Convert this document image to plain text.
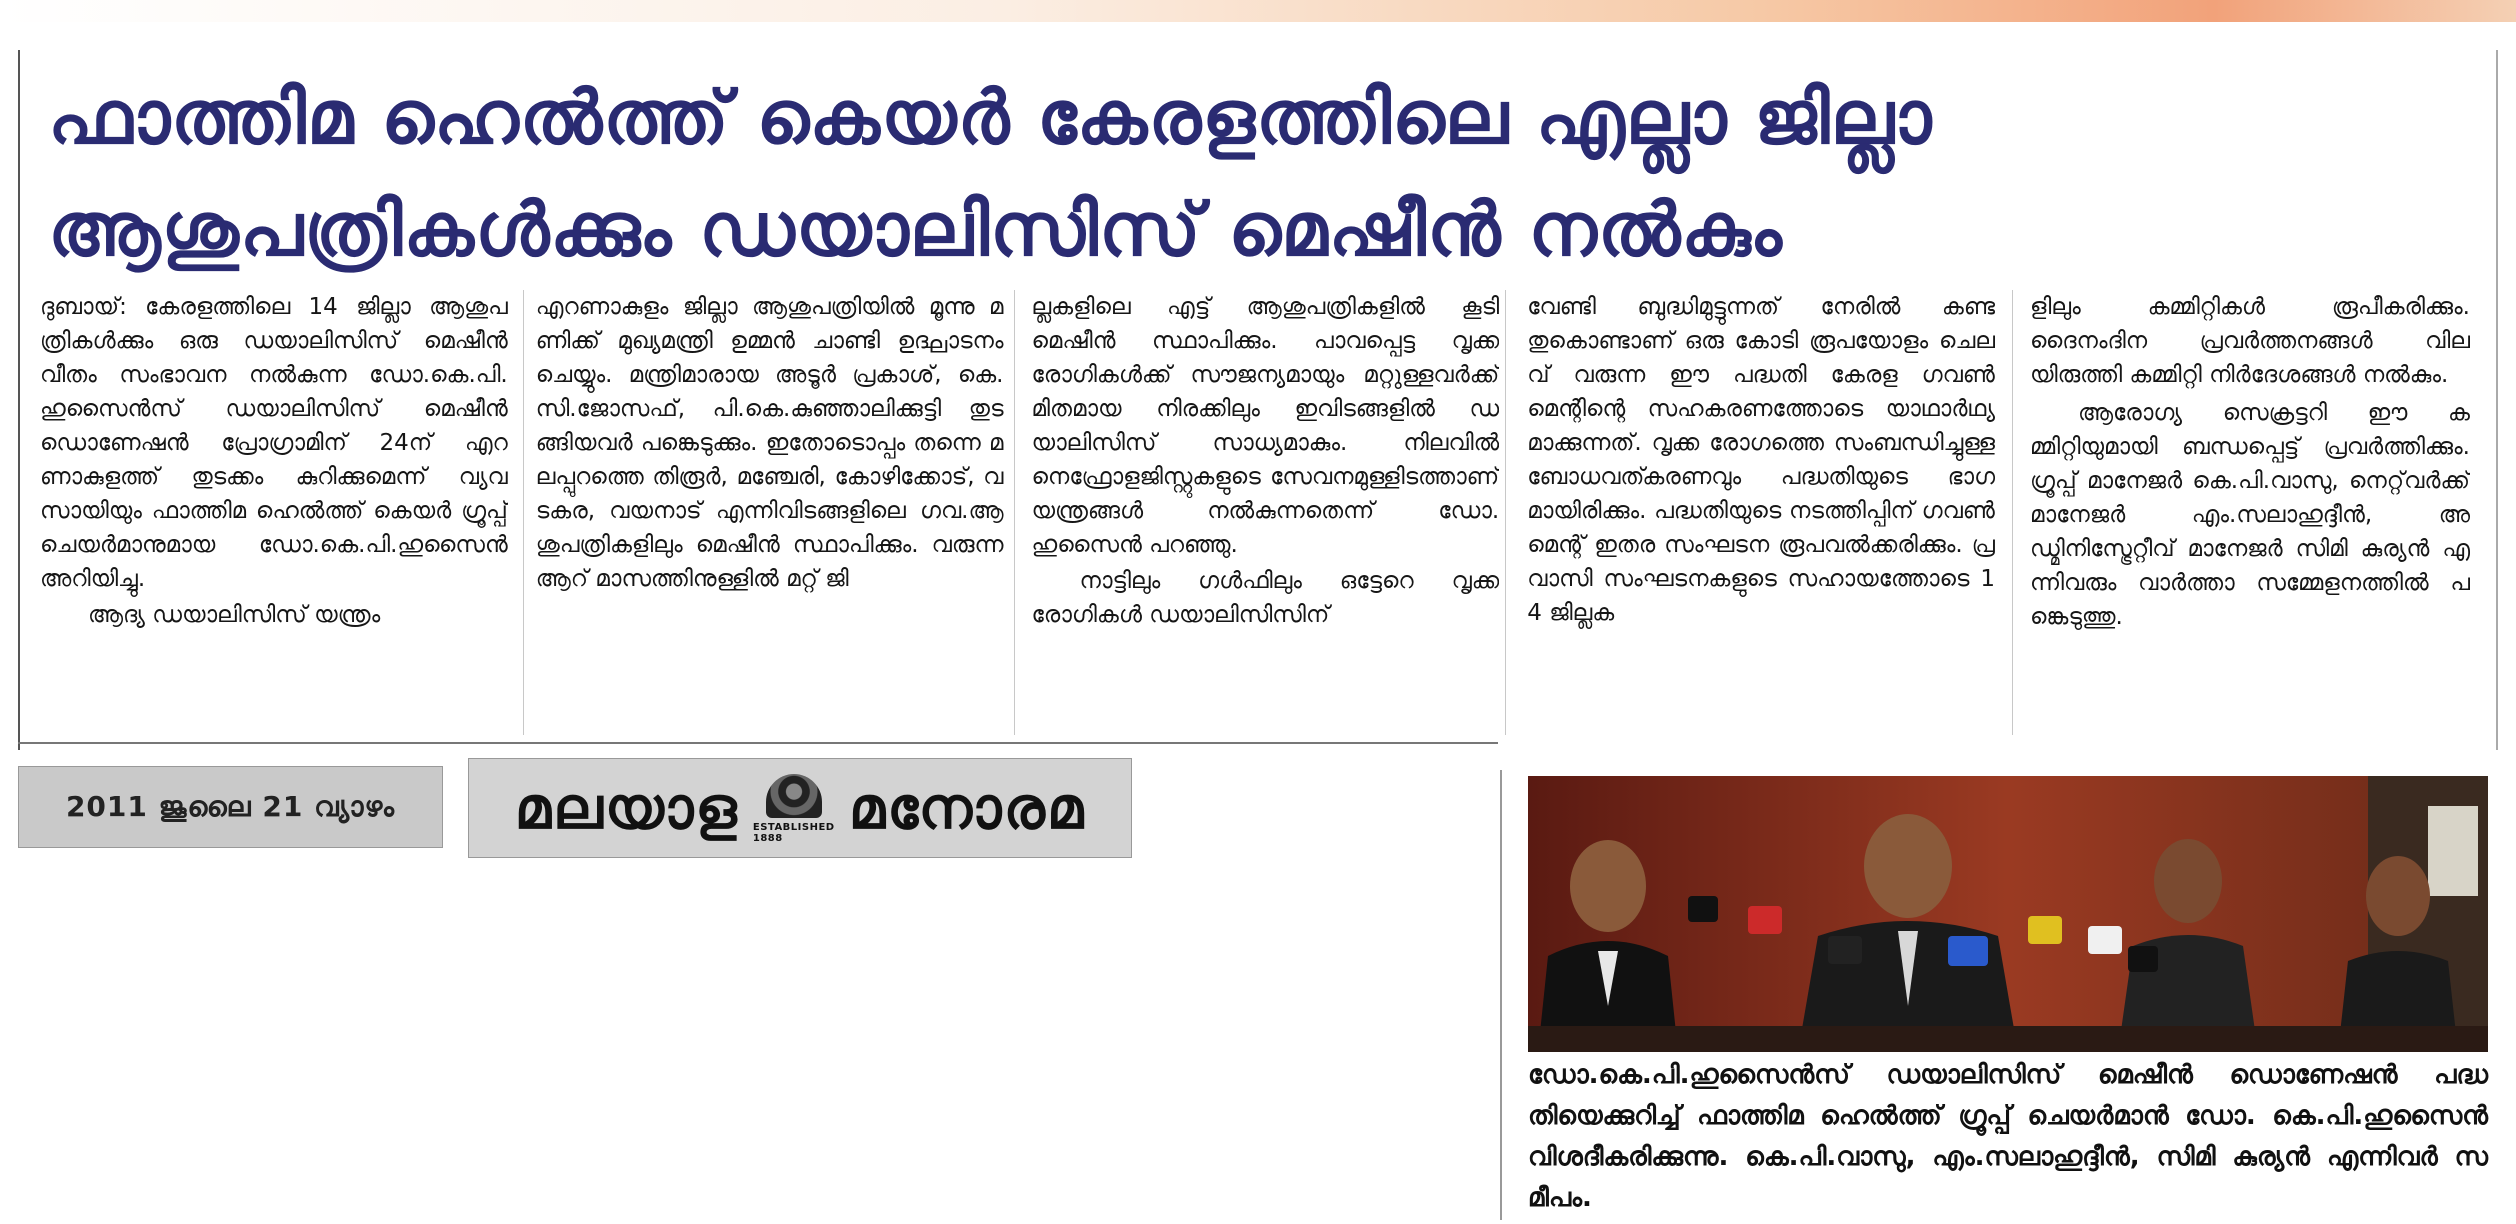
ഫാത്തിമ ഹെൽത്ത് കെയർ കേരളത്തിലെ എല്ലാ ജില്ലാ
ആശുപത്രികൾക്കും ഡയാലിസിസ് മെഷീൻ നൽകും

ദുബായ്: കേരളത്തിലെ 14 ജില്ലാ ആശുപത്രികൾക്കും ഒരു ഡയാലിസിസ് മെഷീൻ വീതം സംഭാവന നൽകുന്ന ഡോ.കെ.പി.ഹുസൈൻസ് ഡയാലിസിസ് മെഷീൻ ഡൊണേഷൻ പ്രോഗ്രാമിന് 24ന് എറണാകുളത്ത് തുടക്കം കുറിക്കുമെന്ന് വ്യവസായിയും ഫാത്തിമ ഹെൽത്ത് കെയർ ഗ്രൂപ്പ് ചെയർമാനുമായ ഡോ.കെ.പി.ഹുസൈൻ അറിയിച്ചു.

ആദ്യ ഡയാലിസിസ് യന്ത്രം

എറണാകുളം ജില്ലാ ആശുപത്രിയിൽ മൂന്നു മണിക്ക് മുഖ്യമന്ത്രി ഉമ്മൻ ചാണ്ടി ഉദ്ഘാടനം ചെയ്യും. മന്ത്രിമാരായ അടൂർ പ്രകാശ്, കെ.സി.ജോസഫ്, പി.കെ.കുഞ്ഞാലിക്കുട്ടി തുടങ്ങിയവർ പങ്കെടുക്കും. ഇതോടൊപ്പം തന്നെ മലപ്പുറത്തെ തിരൂർ, മഞ്ചേരി, കോഴിക്കോട്, വടകര, വയനാട് എന്നിവിടങ്ങളിലെ ഗവ.ആശുപത്രികളിലും മെഷീൻ സ്ഥാപിക്കും. വരുന്ന ആറ് മാസത്തിനുള്ളിൽ മറ്റ് ജി

ല്ലകളിലെ എട്ട് ആശുപത്രികളിൽ കൂടി മെഷീൻ സ്ഥാപിക്കും. പാവപ്പെട്ട വൃക്ക രോഗികൾക്ക് സൗജന്യമായും മറ്റുള്ളവർക്ക് മിതമായ നിരക്കിലും ഇവിടങ്ങളിൽ ഡയാലിസിസ് സാധ്യമാകും. നിലവിൽ നെഫ്രോളജിസ്റ്റുകളുടെ സേവനമുള്ളിടത്താണ് യന്ത്രങ്ങൾ നൽകുന്നതെന്ന് ഡോ. ഹുസൈൻ പറഞ്ഞു.

നാട്ടിലും ഗൾഫിലും ഒട്ടേറെ വൃക്ക രോഗികൾ ഡയാലിസിസിന്

വേണ്ടി ബുദ്ധിമുട്ടുന്നത് നേരിൽ കണ്ടതുകൊണ്ടാണ് ഒരു കോടി രൂപയോളം ചെലവ് വരുന്ന ഈ പദ്ധതി കേരള ഗവൺമെന്റിന്റെ സഹകരണത്തോടെ യാഥാർഥ്യമാക്കുന്നത്. വൃക്ക രോഗത്തെ സംബന്ധിച്ചുള്ള ബോധവത്കരണവും പദ്ധതിയുടെ ഭാഗമായിരിക്കും. പദ്ധതിയുടെ നടത്തിപ്പിന് ഗവൺമെന്റ് ഇതര സംഘടന രൂപവൽക്കരിക്കും. പ്രവാസി സംഘടനകളുടെ സഹായത്തോടെ 14 ജില്ലക

ളിലും കമ്മിറ്റികൾ രൂപീകരിക്കും. ദൈനംദിന പ്രവർത്തനങ്ങൾ വിലയിരുത്തി കമ്മിറ്റി നിർദേശങ്ങൾ നൽകും.

ആരോഗ്യ സെക്രട്ടറി ഈ കമ്മിറ്റിയുമായി ബന്ധപ്പെട്ട് പ്രവർത്തിക്കും. ഗ്രൂപ്പ് മാനേജർ കെ.പി.വാസു, നെറ്റ്‌വർക്ക് മാനേജർ എം.സലാഹുദ്ദീൻ, അഡ്മിനിസ്ട്രേറ്റീവ് മാനേജർ സിമി കുര്യൻ എന്നിവരും വാർത്താ സമ്മേളനത്തിൽ പങ്കെടുത്തു.

2011 ജൂലൈ 21 വ്യാഴം മലയാള ESTABLISHED 1888	മനോരമ
ഡോ.കെ.പി.ഹുസൈൻസ് ഡയാലിസിസ് മെഷീൻ ഡൊണേഷൻ പദ്ധതിയെക്കുറിച്ച് ഫാത്തിമ ഹെൽത്ത് ഗ്രൂപ്പ് ചെയർമാൻ ഡോ. കെ.പി.ഹുസൈൻ വിശദീകരിക്കുന്നു. കെ.പി.വാസു, എം.സലാഹുദ്ദീൻ, സിമി കുര്യൻ എന്നിവർ സമീപം.
